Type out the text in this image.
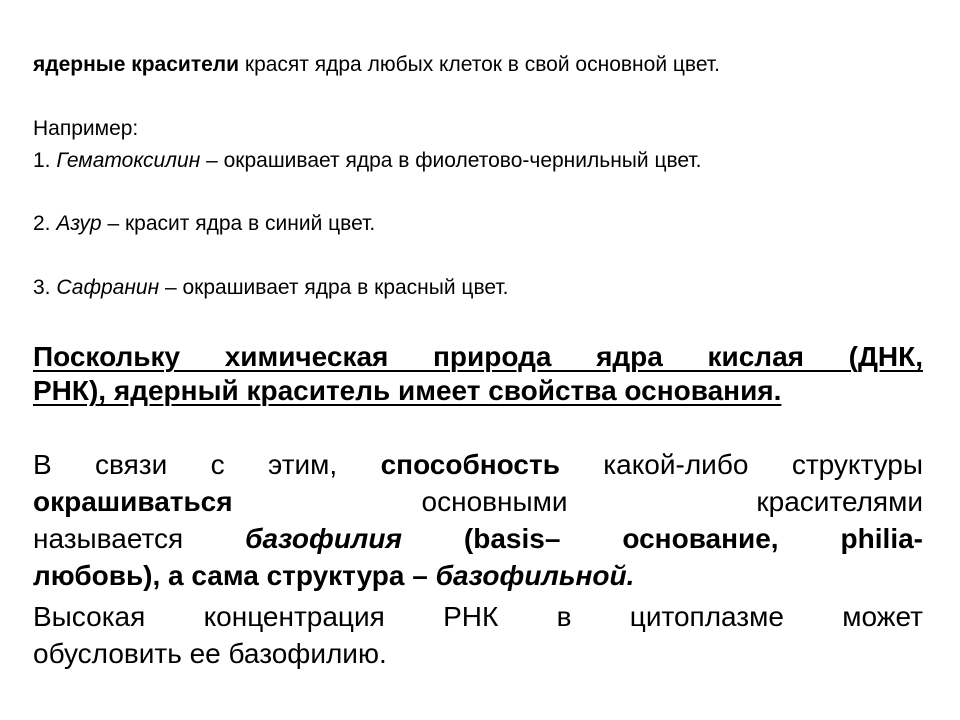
ядерные красители красят ядра любых клеток в свой основной цвет.
Например:
1. Гематоксилин – окрашивает ядра в фиолетово-чернильный цвет.
2. Азур – красит ядра в синий цвет.
3. Сафранин – окрашивает ядра в красный цвет.
Поскольку химическая природа ядра кислая (ДНК,
РНК), ядерный краситель имеет свойства основания.
В связи с этим, способность какой-либо структуры
окрашиваться основными красителями
называется базофилия (basis– основание, philia-
любовь), а сама структура – базофильной.
Высокая концентрация РНК в цитоплазме может
обусловить ее базофилию.
